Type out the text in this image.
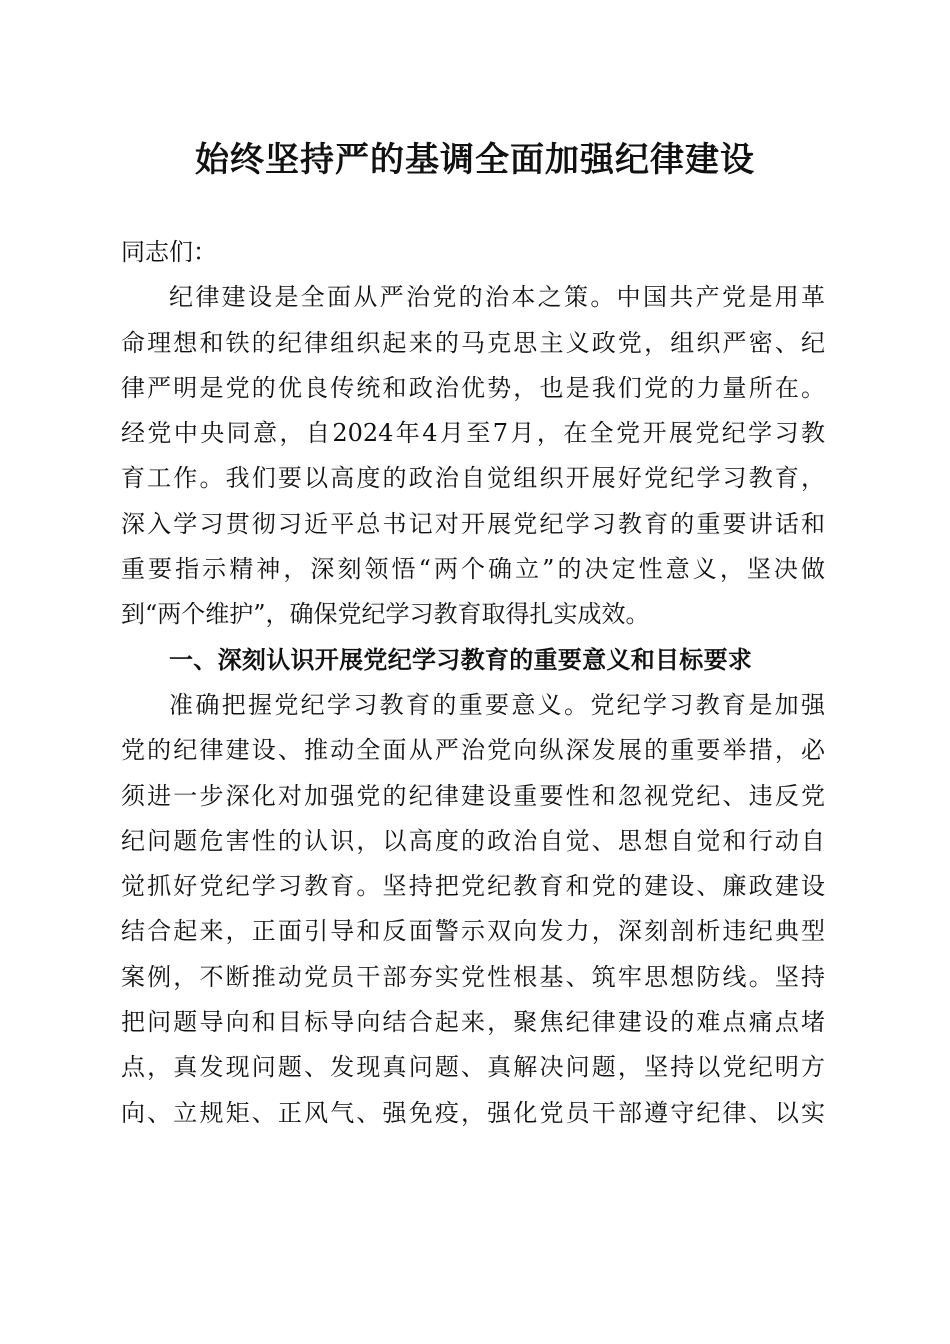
始终坚持严的基调全面加强纪律建设
同志们：
纪律建设是全面从严治党的治本之策。中国共产党是用革
命理想和铁的纪律组织起来的马克思主义政党，组织严密、纪
律严明是党的优良传统和政治优势，也是我们党的力量所在。
经党中央同意，自2024年4月至7月，在全党开展党纪学习教
育工作。我们要以高度的政治自觉组织开展好党纪学习教育，
深入学习贯彻习近平总书记对开展党纪学习教育的重要讲话和
重要指示精神，深刻领悟“两个确立”的决定性意义，坚决做
到“两个维护”，确保党纪学习教育取得扎实成效。
一、深刻认识开展党纪学习教育的重要意义和目标要求
准确把握党纪学习教育的重要意义。党纪学习教育是加强
党的纪律建设、推动全面从严治党向纵深发展的重要举措，必
须进一步深化对加强党的纪律建设重要性和忽视党纪、违反党
纪问题危害性的认识，以高度的政治自觉、思想自觉和行动自
觉抓好党纪学习教育。坚持把党纪教育和党的建设、廉政建设
结合起来，正面引导和反面警示双向发力，深刻剖析违纪典型
案例，不断推动党员干部夯实党性根基、筑牢思想防线。坚持
把问题导向和目标导向结合起来，聚焦纪律建设的难点痛点堵
点，真发现问题、发现真问题、真解决问题，坚持以党纪明方
向、立规矩、正风气、强免疫，强化党员干部遵守纪律、以实
